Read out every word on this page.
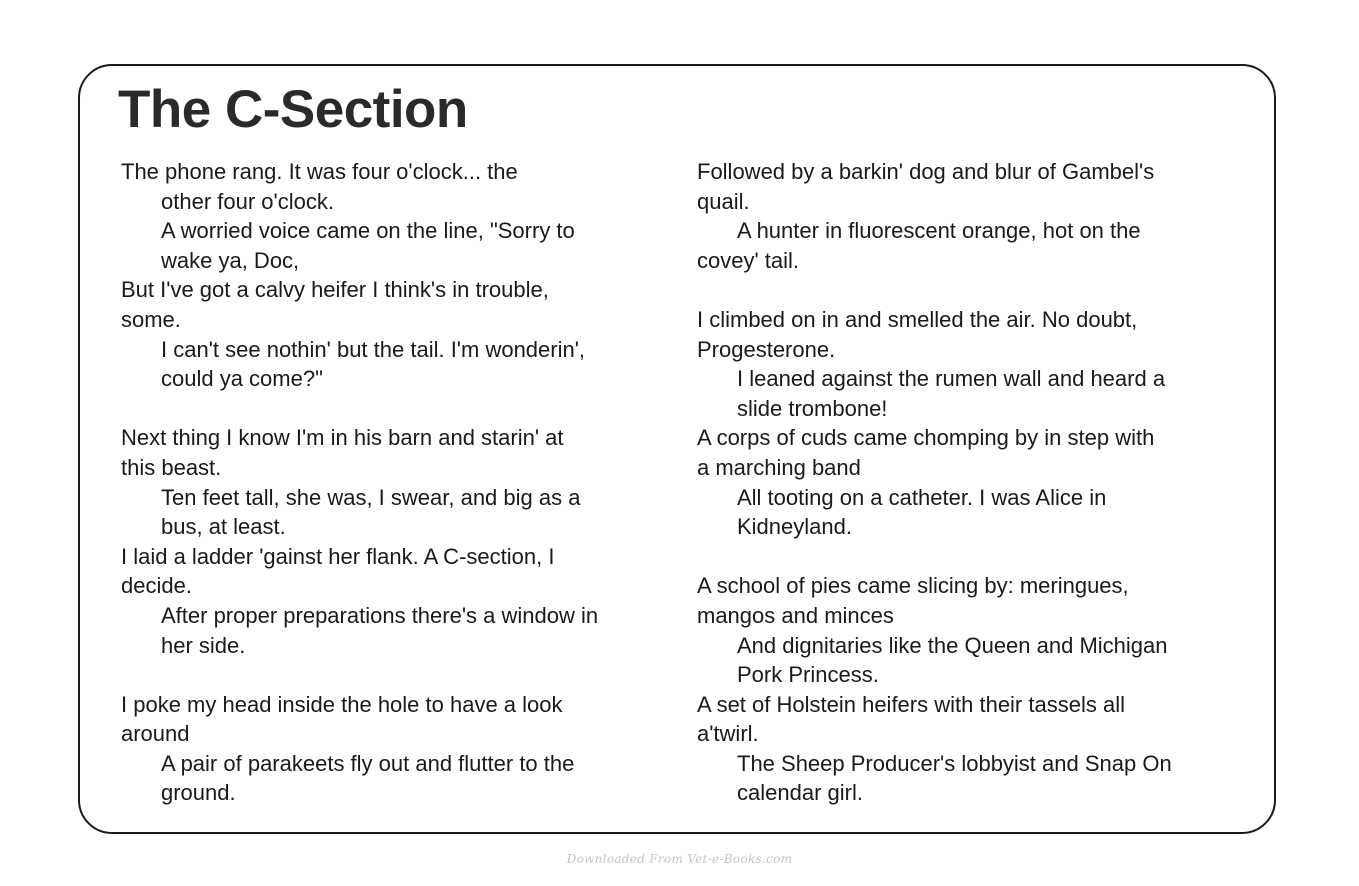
The C-Section
The phone rang. It was four o'clock... the
other four o'clock.
A worried voice came on the line, "Sorry to
wake ya, Doc,
But I've got a calvy heifer I think's in trouble,
some.
I can't see nothin' but the tail. I'm wonderin',
could ya come?"
Next thing I know I'm in his barn and starin' at
this beast.
Ten feet tall, she was, I swear, and big as a
bus, at least.
I laid a ladder 'gainst her flank. A C-section, I
decide.
After proper preparations there's a window in
her side.
I poke my head inside the hole to have a look
around
A pair of parakeets fly out and flutter to the
ground.
Followed by a barkin' dog and blur of Gambel's
quail.
A hunter in fluorescent orange, hot on the
covey' tail.
I climbed on in and smelled the air. No doubt,
Progesterone.
I leaned against the rumen wall and heard a
slide trombone!
A corps of cuds came chomping by in step with
a marching band
All tooting on a catheter. I was Alice in
Kidneyland.
A school of pies came slicing by: meringues,
mangos and minces
And dignitaries like the Queen and Michigan
Pork Princess.
A set of Holstein heifers with their tassels all
a'twirl.
The Sheep Producer's lobbyist and Snap On
calendar girl.
Downloaded From Vet-e-Books.com
